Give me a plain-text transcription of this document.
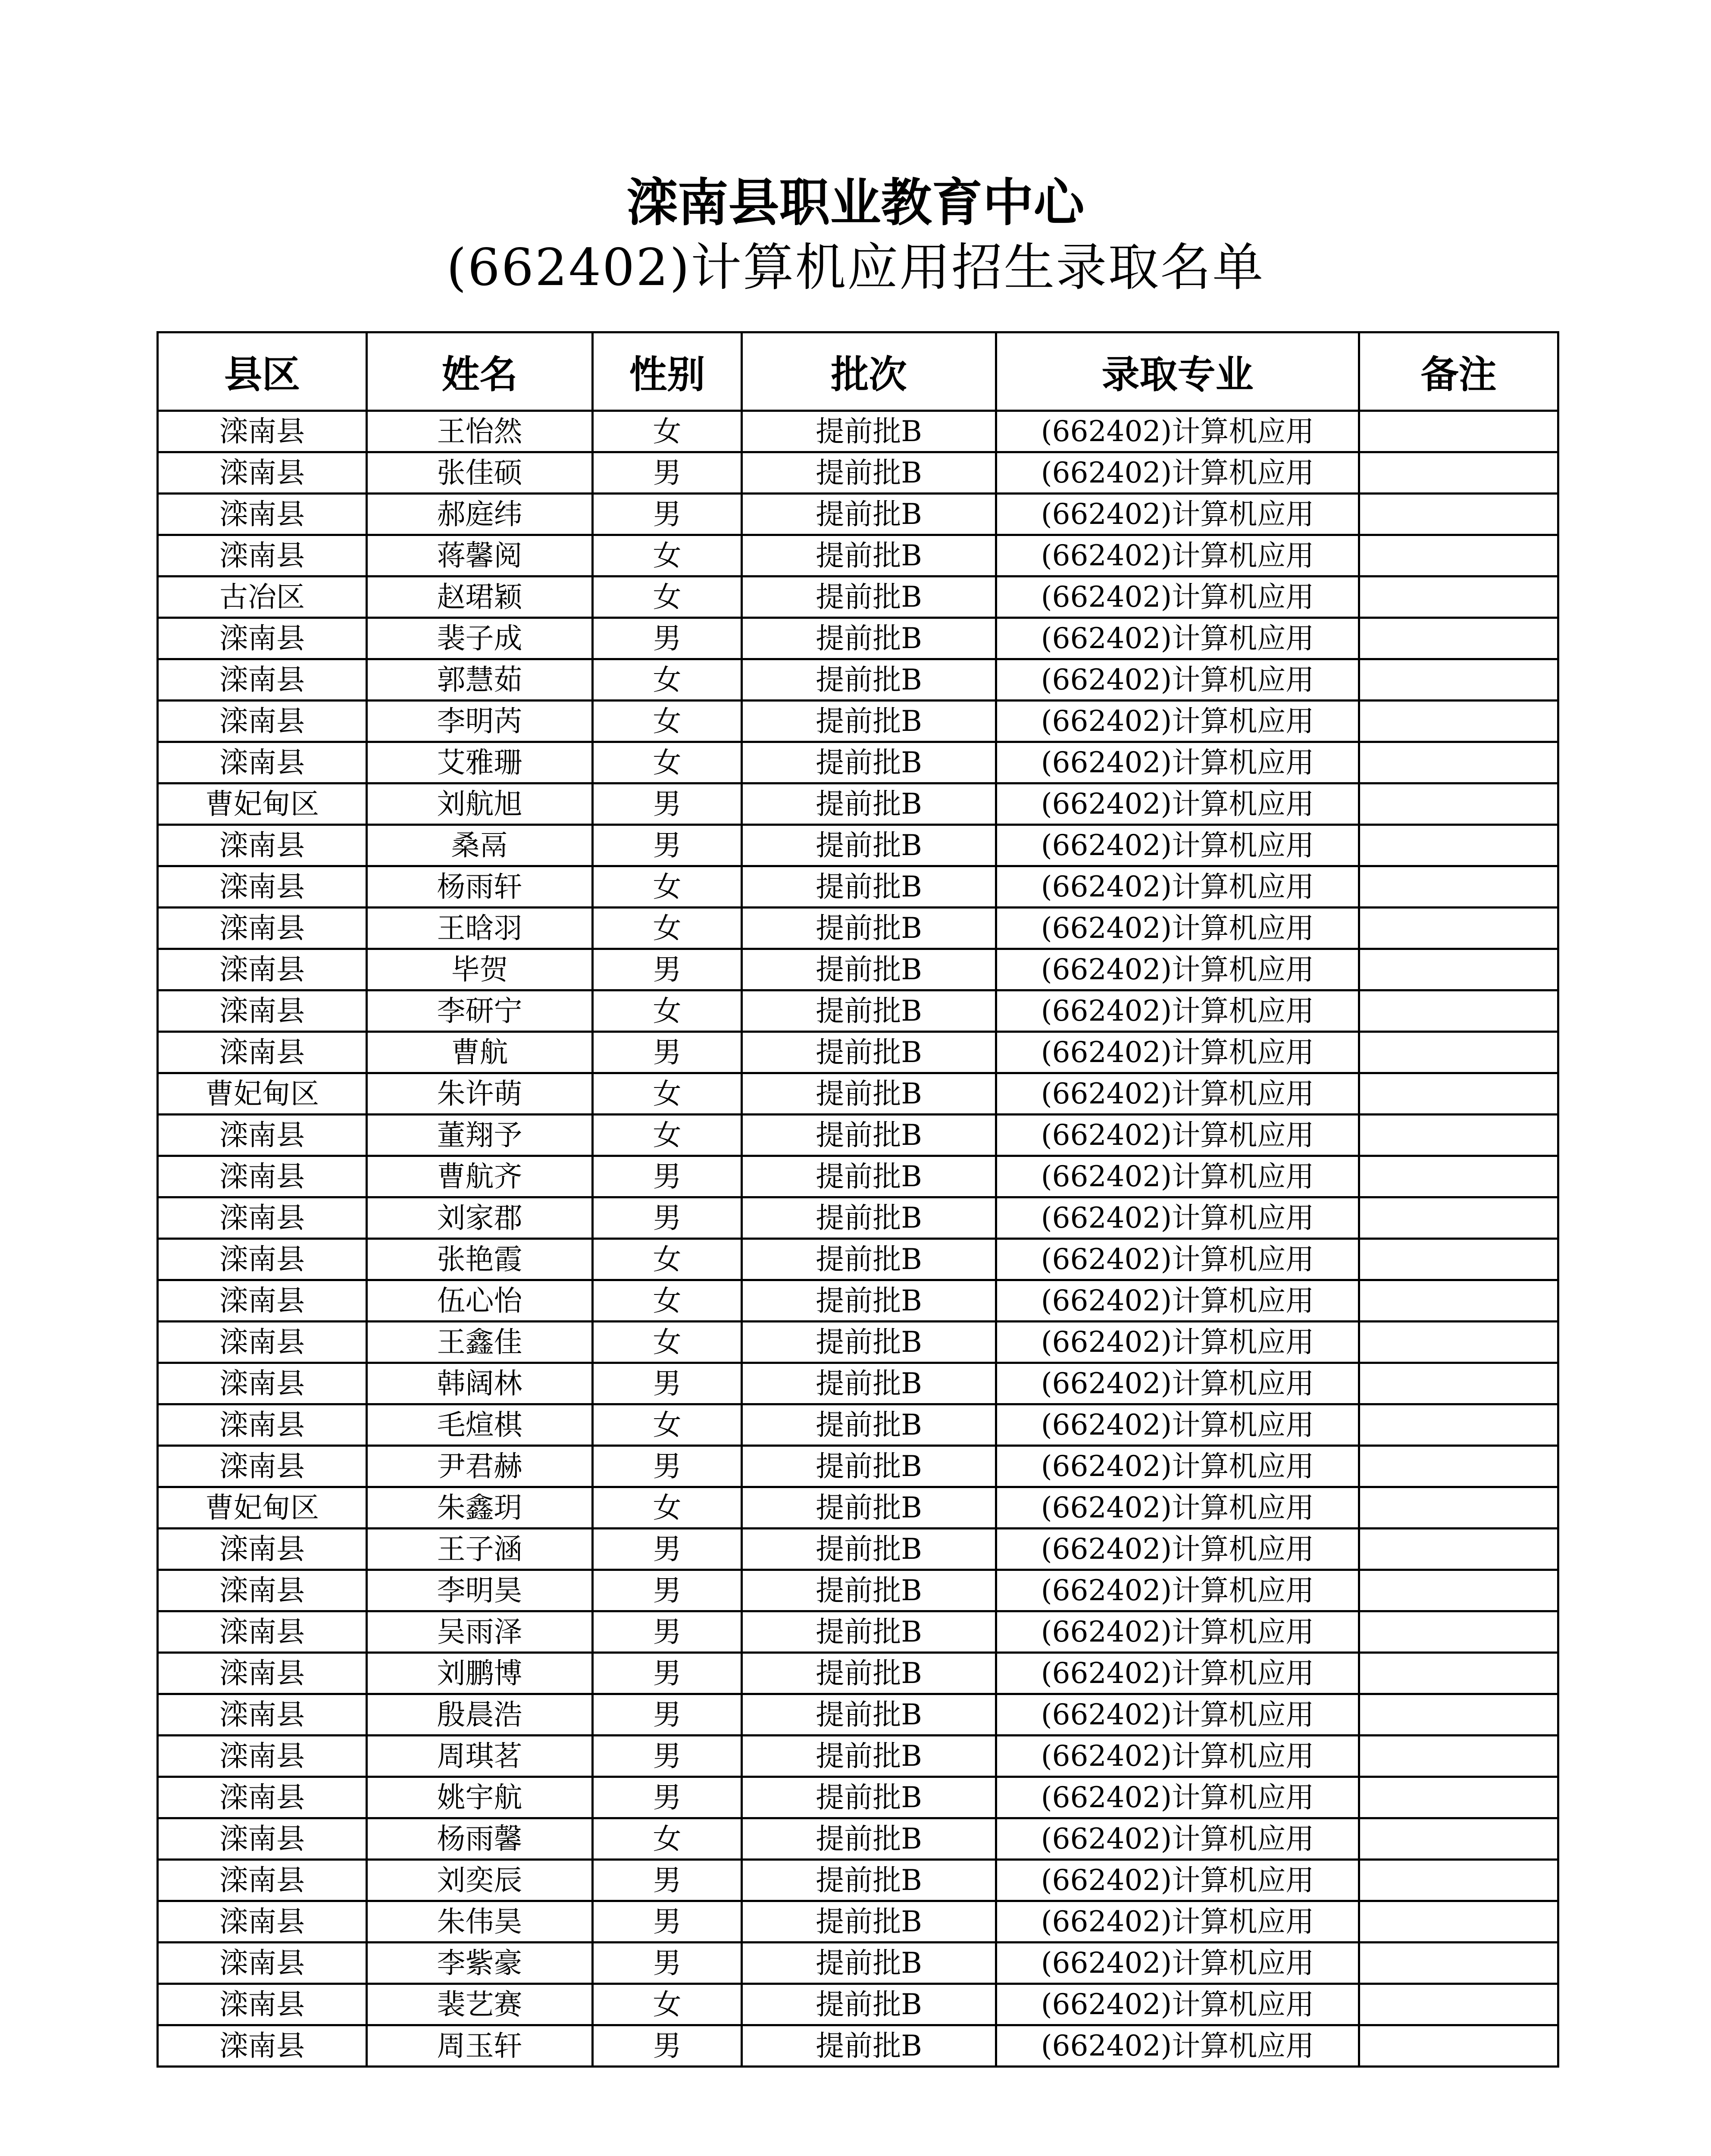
滦南县职业教育中心
(662402)计算机应用招生录取名单
县区	姓名	性别	批次	录取专业	备注
滦南县	王怡然	女	提前批B	(662402)计算机应用	
滦南县	张佳硕	男	提前批B	(662402)计算机应用	
滦南县	郝庭纬	男	提前批B	(662402)计算机应用	
滦南县	蒋馨阅	女	提前批B	(662402)计算机应用	
古冶区	赵珺颖	女	提前批B	(662402)计算机应用	
滦南县	裴子成	男	提前批B	(662402)计算机应用	
滦南县	郭慧茹	女	提前批B	(662402)计算机应用	
滦南县	李明芮	女	提前批B	(662402)计算机应用	
滦南县	艾雅珊	女	提前批B	(662402)计算机应用	
曹妃甸区	刘航旭	男	提前批B	(662402)计算机应用	
滦南县	桑鬲	男	提前批B	(662402)计算机应用	
滦南县	杨雨轩	女	提前批B	(662402)计算机应用	
滦南县	王晗羽	女	提前批B	(662402)计算机应用	
滦南县	毕贺	男	提前批B	(662402)计算机应用	
滦南县	李研宁	女	提前批B	(662402)计算机应用	
滦南县	曹航	男	提前批B	(662402)计算机应用	
曹妃甸区	朱许萌	女	提前批B	(662402)计算机应用	
滦南县	董翔予	女	提前批B	(662402)计算机应用	
滦南县	曹航齐	男	提前批B	(662402)计算机应用	
滦南县	刘家郡	男	提前批B	(662402)计算机应用	
滦南县	张艳霞	女	提前批B	(662402)计算机应用	
滦南县	伍心怡	女	提前批B	(662402)计算机应用	
滦南县	王鑫佳	女	提前批B	(662402)计算机应用	
滦南县	韩阔林	男	提前批B	(662402)计算机应用	
滦南县	毛煊棋	女	提前批B	(662402)计算机应用	
滦南县	尹君赫	男	提前批B	(662402)计算机应用	
曹妃甸区	朱鑫玥	女	提前批B	(662402)计算机应用	
滦南县	王子涵	男	提前批B	(662402)计算机应用	
滦南县	李明昊	男	提前批B	(662402)计算机应用	
滦南县	吴雨泽	男	提前批B	(662402)计算机应用	
滦南县	刘鹏博	男	提前批B	(662402)计算机应用	
滦南县	殷晨浩	男	提前批B	(662402)计算机应用	
滦南县	周琪茗	男	提前批B	(662402)计算机应用	
滦南县	姚宇航	男	提前批B	(662402)计算机应用	
滦南县	杨雨馨	女	提前批B	(662402)计算机应用	
滦南县	刘奕辰	男	提前批B	(662402)计算机应用	
滦南县	朱伟昊	男	提前批B	(662402)计算机应用	
滦南县	李紫豪	男	提前批B	(662402)计算机应用	
滦南县	裴艺赛	女	提前批B	(662402)计算机应用	
滦南县	周玉轩	男	提前批B	(662402)计算机应用	
